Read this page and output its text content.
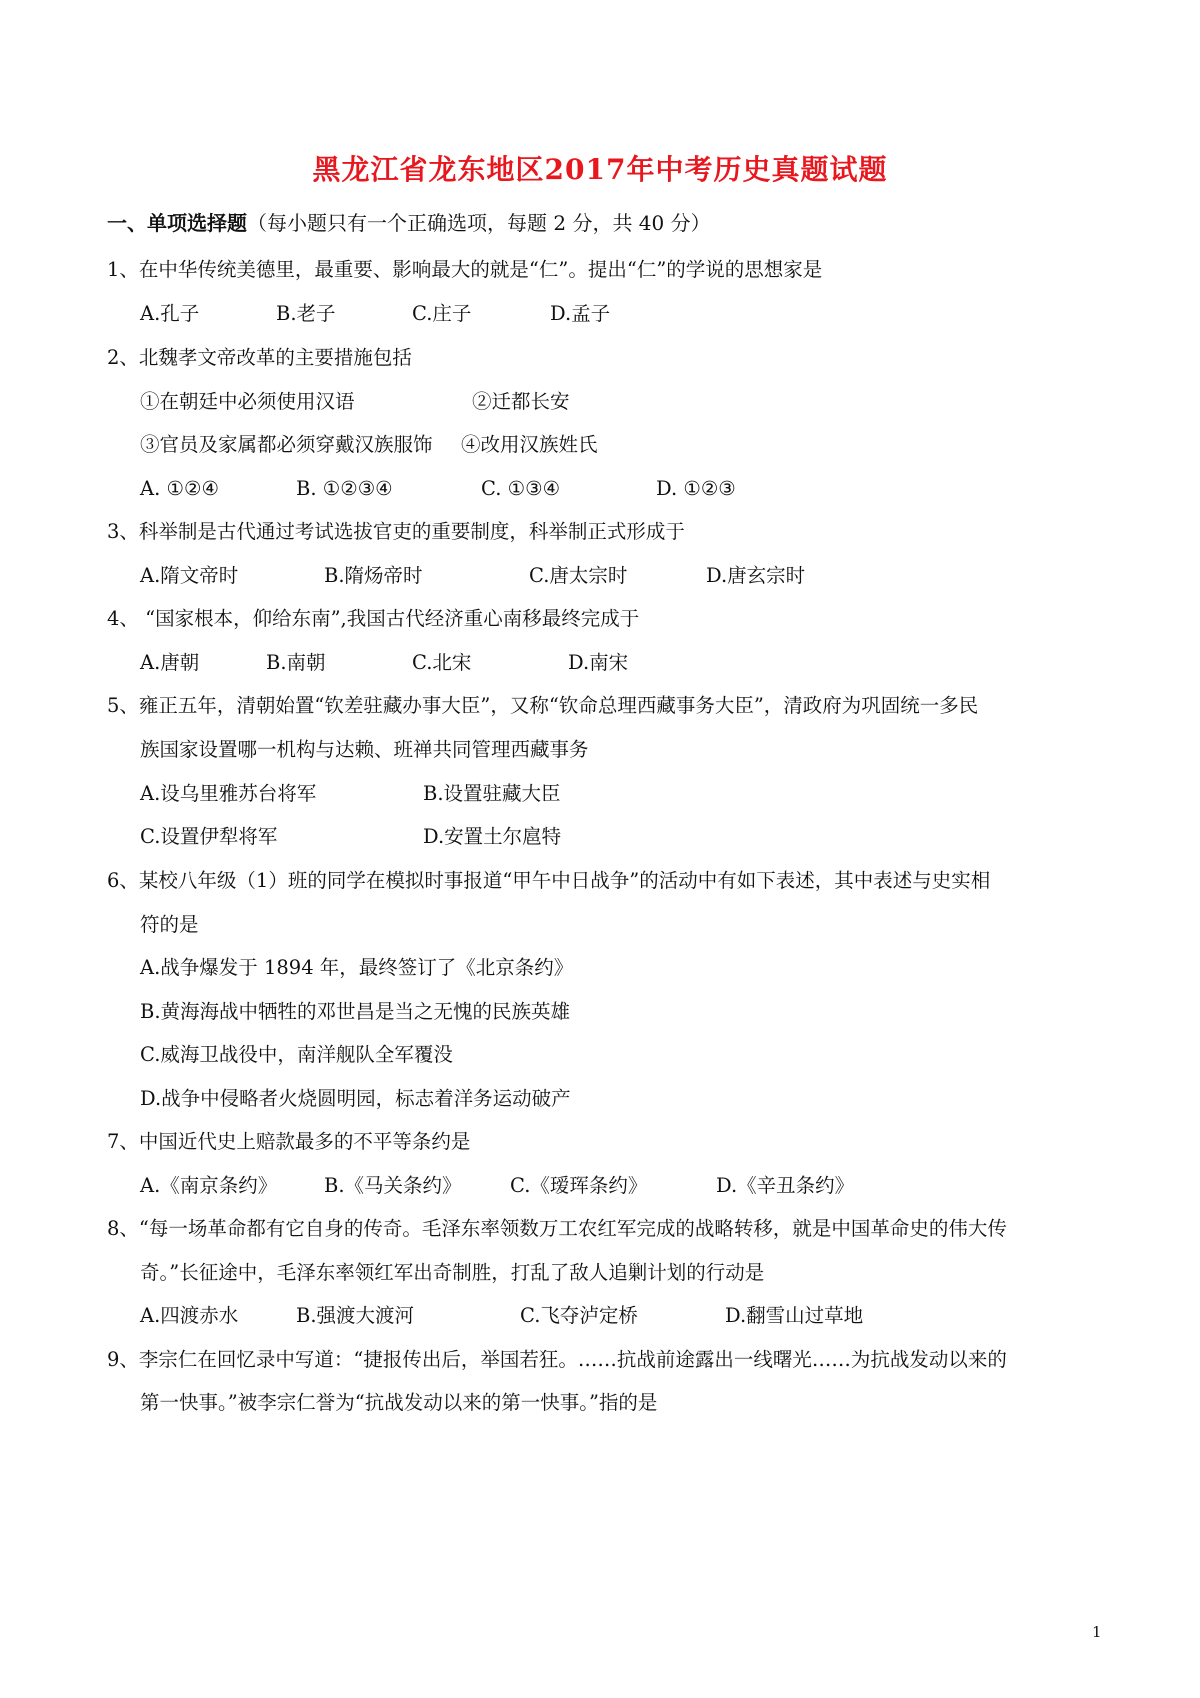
黑龙江省龙东地区2017年中考历史真题试题
一、单项选择题（每小题只有一个正确选项，每题 2 分，共 40 分）
1、在中华传统美德里，最重要、影响最大的就是“仁”。提出“仁”的学说的思想家是
A.孔子	B.老子	C.庄子	D.孟子
2、北魏孝文帝改革的主要措施包括
①在朝廷中必须使用汉语	②迁都长安
③官员及家属都必须穿戴汉族服饰 ④改用汉族姓氏
A. ①②④	B. ①②③④	C. ①③④	D. ①②③
3、科举制是古代通过考试选拔官吏的重要制度，科举制正式形成于
A.隋文帝时	B.隋炀帝时	C.唐太宗时	D.唐玄宗时
4、 “国家根本，仰给东南”,我国古代经济重心南移最终完成于
A.唐朝	B.南朝	C.北宋	D.南宋
5、雍正五年，清朝始置“钦差驻藏办事大臣”，又称“钦命总理西藏事务大臣”，清政府为巩固统一多民
族国家设置哪一机构与达赖、班禅共同管理西藏事务
A.设乌里雅苏台将军	B.设置驻藏大臣
C.设置伊犁将军	D.安置土尔扈特
6、某校八年级（1）班的同学在模拟时事报道“甲午中日战争”的活动中有如下表述，其中表述与史实相
符的是
A.战争爆发于 1894 年，最终签订了《北京条约》
B.黄海海战中牺牲的邓世昌是当之无愧的民族英雄
C.威海卫战役中，南洋舰队全军覆没
D.战争中侵略者火烧圆明园，标志着洋务运动破产
7、中国近代史上赔款最多的不平等条约是
A.《南京条约》 B.《马关条约》 C.《瑷珲条约》	D.《辛丑条约》
8、“每一场革命都有它自身的传奇。毛泽东率领数万工农红军完成的战略转移，就是中国革命史的伟大传
奇。”长征途中，毛泽东率领红军出奇制胜，打乱了敌人追剿计划的行动是
A.四渡赤水	B.强渡大渡河	C.飞夺泸定桥	D.翻雪山过草地
9、李宗仁在回忆录中写道：“捷报传出后，举国若狂。……抗战前途露出一线曙光……为抗战发动以来的
第一快事。”被李宗仁誉为“抗战发动以来的第一快事。”指的是
1
